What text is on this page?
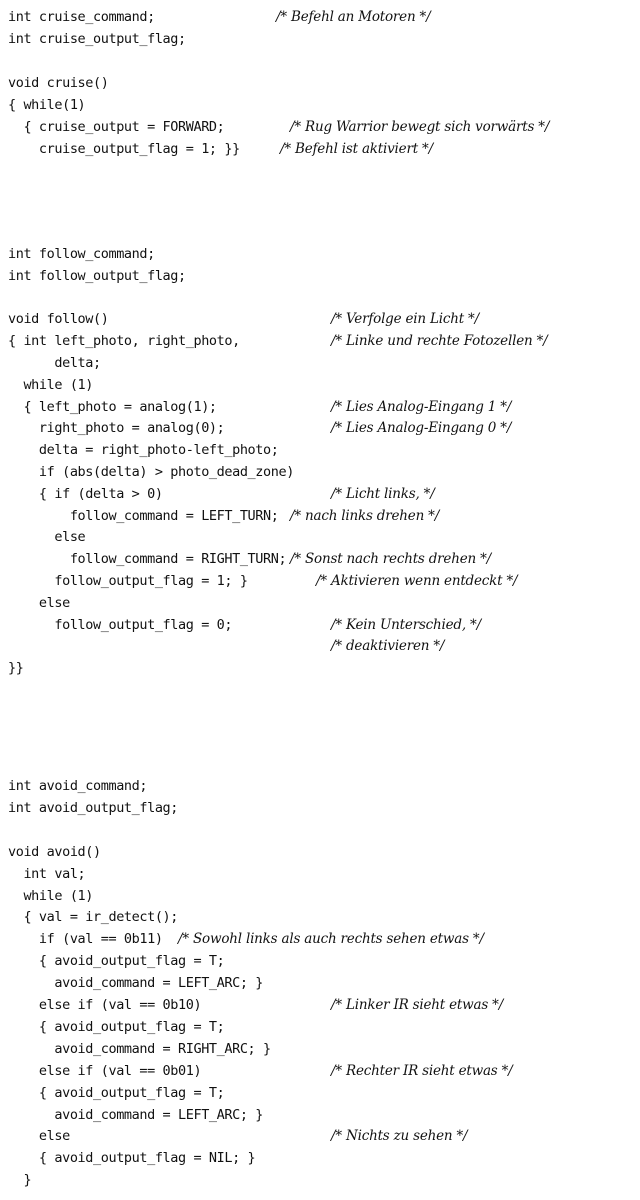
int cruise_command;	/* Befehl an Motoren */
int cruise_output_flag;
void cruise()
{ while(1)
{ cruise_output = FORWARD;	/* Rug Warrior bewegt sich vorwärts */
cruise_output_flag = 1; }}	/* Befehl ist aktiviert */
int follow_command;
int follow_output_flag;
void follow()	/* Verfolge ein Licht */
{ int left_photo, right_photo,	/* Linke und rechte Fotozellen */
delta;
while (1)
{ left_photo = analog(1);	/* Lies Analog-Eingang 1 */
right_photo = analog(0);	/* Lies Analog-Eingang 0 */
delta = right_photo-left_photo;
if (abs(delta) > photo_dead_zone)
{ if (delta > 0)	/* Licht links, */
follow_command = LEFT_TURN; /* nach links drehen */
else
follow_command = RIGHT_TURN; /* Sonst nach rechts drehen */
follow_output_flag = 1; }	/* Aktivieren wenn entdeckt */
else
follow_output_flag = 0;	/* Kein Unterschied, */
/* deaktivieren */
}}
int avoid_command;
int avoid_output_flag;
void avoid()
int val;
while (1)
{ val = ir_detect();
if (val == 0b11) /* Sowohl links als auch rechts sehen etwas */
{ avoid_output_flag = T;
avoid_command = LEFT_ARC; }
else if (val == 0b10)	/* Linker IR sieht etwas */
{ avoid_output_flag = T;
avoid_command = RIGHT_ARC; }
else if (val == 0b01)	/* Rechter IR sieht etwas */
{ avoid_output_flag = T;
avoid_command = LEFT_ARC; }
else	/* Nichts zu sehen */
{ avoid_output_flag = NIL; }
}
